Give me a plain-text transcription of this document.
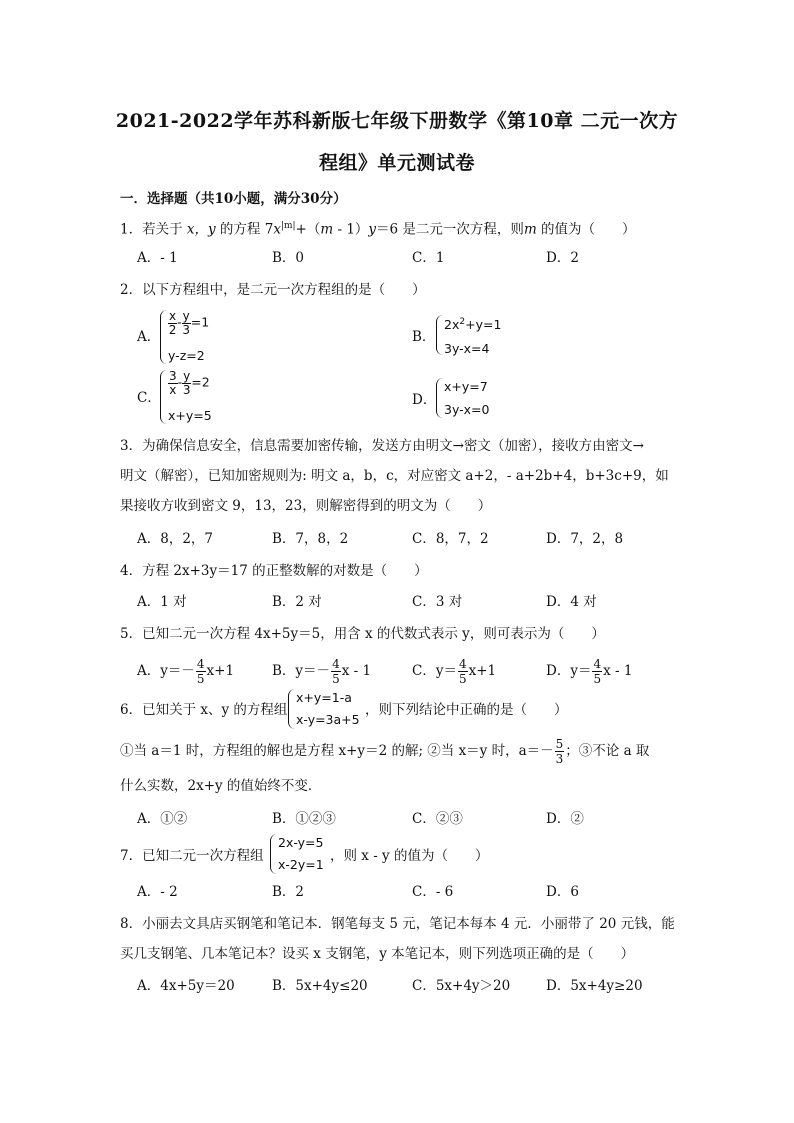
2021-2022学年苏科新版七年级下册数学《第10章 二元一次方
程组》单元测试卷
一．选择题（共10小题，满分30分）
1．若关于 x，y 的方程 $7x^{|m|}+(m - 1)y=6$ 是二元一次方程，则m 的值为（　　）
A．- 1	B．0	C．1	D．2
2．以下方程组中，是二元一次方程组的是（　　）
A．
$\frac{x}{2} - \frac{y}{3} =1$
y-z=2
B．
$2x^2+y=1$
3y-x=4
C．
$\frac{3}{x} - \frac{y}{3} =2$
x+y=5
D．
x+y=7
3y-x=0
3．为确保信息安全，信息需要加密传输，发送方由明文→密文（加密），接收方由密文→
明文（解密），已知加密规则为: 明文 a，b，c，对应密文 a+2，- a+2b+4，b+3c+9，如
果接收方收到密文 9，13，23，则解密得到的明文为（　　）
A．8，2，7	B．7，8，2	C．8，7，2	D．7，2，8
4．方程 2x+3y＝17 的正整数解的对数是（　　）
A．1 对	B．2 对	C．3 对	D．4 对
5．已知二元一次方程 4x+5y＝5，用含 x 的代数式表示 y，则可表示为（　　）
A．$y=- \frac{4}{5} x+1$	B．$y=- \frac{4}{5}$ x - 1	C．$y= \frac{4}{5} x+1$	D．$y= \frac{4}{5}$ x - 1
6．已知关于 x、y 的方程组
x+y=1-a
x-y=3a+5
，则下列结论中正确的是（　　）
①当 a＝1 时，方程组的解也是方程 x+y＝2 的解; ②当 x＝y 时，$a=- \frac{5}{3}$ ；③不论 a 取
什么实数，2x+y 的值始终不变．
A．①②	B．①②③	C．②③	D．②
7．已知二元一次方程组
2x-y=5
x-2y=1
，则 x - y 的值为（　　）
A．- 2	B．2	C．- 6	D．6
8．小丽去文具店买钢笔和笔记本．钢笔每支 5 元，笔记本每本 4 元．小丽带了 20 元钱，能
买几支钢笔、几本笔记本？设买 x 支钢笔，y 本笔记本，则下列选项正确的是（　　）
A．4x+5y＝20	B．5x+4y≤20	C．5x+4y＞20	D．5x+4y≥20
